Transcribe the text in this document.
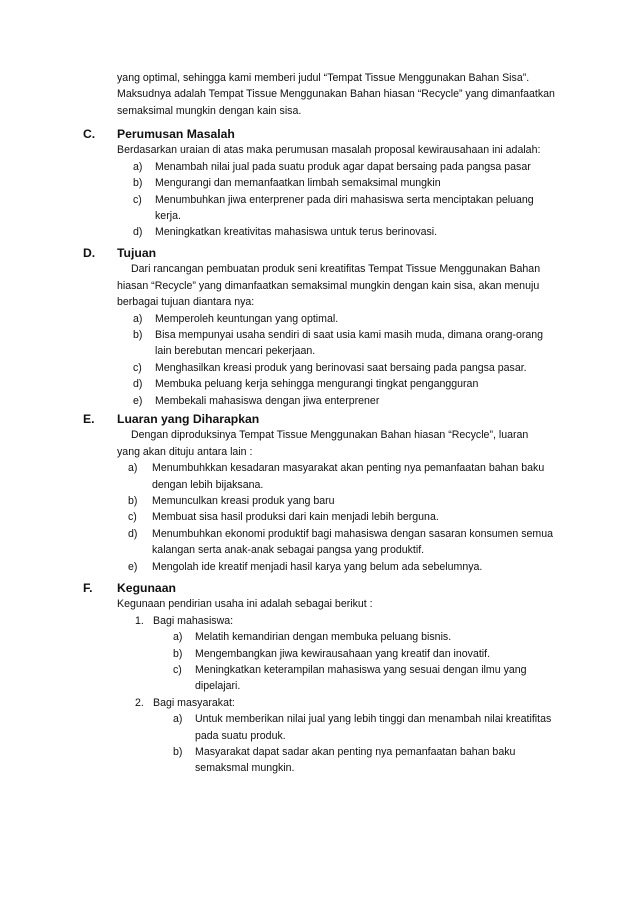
yang optimal, sehingga kami memberi judul “Tempat Tissue Menggunakan Bahan Sisa”.

Maksudnya adalah Tempat Tissue Menggunakan Bahan hiasan “Recycle” yang dimanfaatkan

semaksimal mungkin dengan kain sisa.

C.	Perumusan Masalah

Berdasarkan uraian di atas maka perumusan masalah proposal kewirausahaan ini adalah:

a)	Menambah nilai jual pada suatu produk agar dapat bersaing pada pangsa pasar
b)	Mengurangi dan memanfaatkan limbah semaksimal mungkin
c)	Menumbuhkan jiwa enterprener pada diri mahasiswa serta menciptakan peluang
kerja.
d)	Meningkatkan kreativitas mahasiswa untuk terus berinovasi.
D.	Tujuan

Dari rancangan pembuatan produk seni kreatifitas Tempat Tissue Menggunakan Bahan

hiasan “Recycle” yang dimanfaatkan semaksimal mungkin dengan kain sisa, akan menuju

berbagai tujuan diantara nya:

a)	Memperoleh keuntungan yang optimal.
b)	Bisa mempunyai usaha sendiri di saat usia kami masih muda, dimana orang-orang
lain berebutan mencari pekerjaan.
c)	Menghasilkan kreasi produk yang berinovasi saat bersaing pada pangsa pasar.
d)	Membuka peluang kerja sehingga mengurangi tingkat pengangguran
e)	Membekali mahasiswa dengan jiwa enterprener
E.	Luaran yang Diharapkan

Dengan diproduksinya Tempat Tissue Menggunakan Bahan hiasan “Recycle”, luaran

yang akan dituju antara lain :

a)	Menumbuhkkan kesadaran masyarakat akan penting nya pemanfaatan bahan baku
dengan lebih bijaksana.
b)	Memunculkan kreasi produk yang baru
c)	Membuat sisa hasil produksi dari kain menjadi lebih berguna.
d)	Menumbuhkan ekonomi produktif bagi mahasiswa dengan sasaran konsumen semua
kalangan serta anak-anak sebagai pangsa yang produktif.
e)	Mengolah ide kreatif menjadi hasil karya yang belum ada sebelumnya.
F.	Kegunaan

Kegunaan pendirian usaha ini adalah sebagai berikut :

1. Bagi mahasiswa:
a)	Melatih kemandirian dengan membuka peluang bisnis.
b)	Mengembangkan jiwa kewirausahaan yang kreatif dan inovatif.
c)	Meningkatkan keterampilan mahasiswa yang sesuai dengan ilmu yang
dipelajari.
2. Bagi masyarakat:
a)	Untuk memberikan nilai jual yang lebih tinggi dan menambah nilai kreatifitas
pada suatu produk.
b)	Masyarakat dapat sadar akan penting nya pemanfaatan bahan baku
semaksmal mungkin.
